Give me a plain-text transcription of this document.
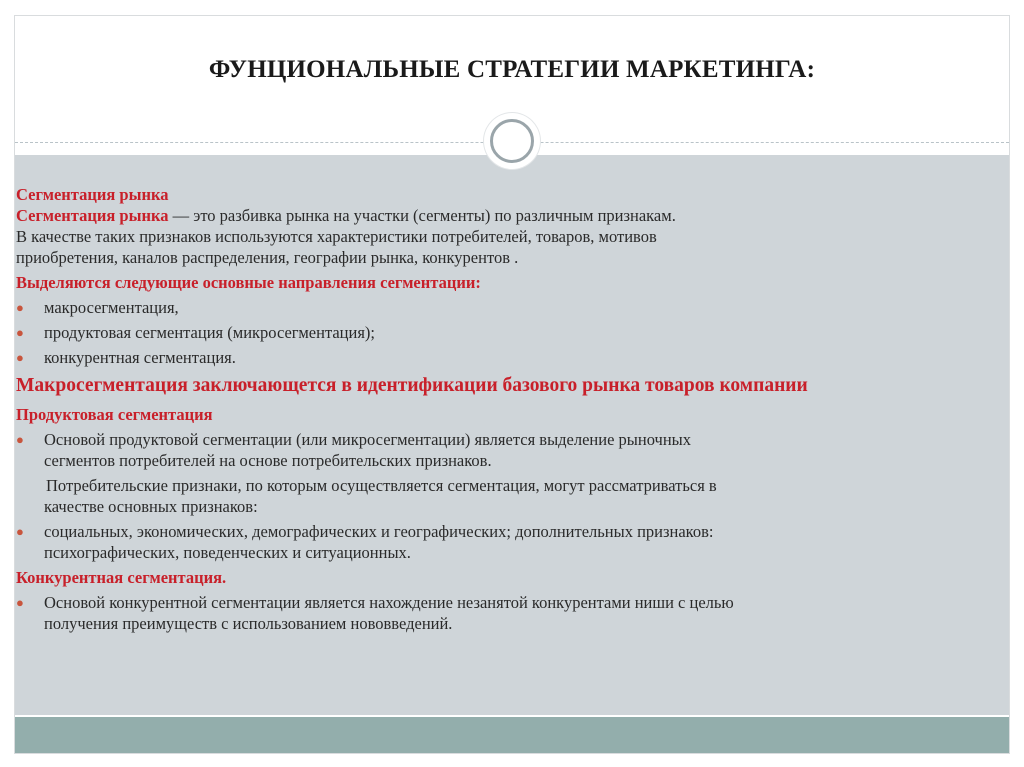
ФУНЦИОНАЛЬНЫЕ СТРАТЕГИИ МАРКЕТИНГА:

Сегментация рынка

Сегментация рынка — это разбивка рынка на участки (сегменты) по различным признакам.

В качестве таких признаков используются характеристики потребителей, товаров, мотивов

приобретения, каналов распределения, географии рынка, конкурентов .

Выделяются следующие основные направления сегментации:

●	макросегментация,
●	продуктовая сегментация (микросегментация);
●	конкурентная сегментация.

Макросегментация заключающется в идентификации базового рынка товаров компании

Продуктовая сегментация

●	Основой продуктовой сегментации (или микросегментации) является выделение рыночных
сегментов потребителей на основе потребительских признаков.

Потребительские признаки, по которым осуществляется сегментация, могут рассматриваться в
качестве основных признаков:

●	социальных, экономических, демографических и географических; дополнительных признаков:
психографических, поведенческих и ситуационных.

Конкурентная сегментация.

●	Основой конкурентной сегментации является нахождение незанятой конкурентами ниши с целью
получения преимуществ с использованием нововведений.
